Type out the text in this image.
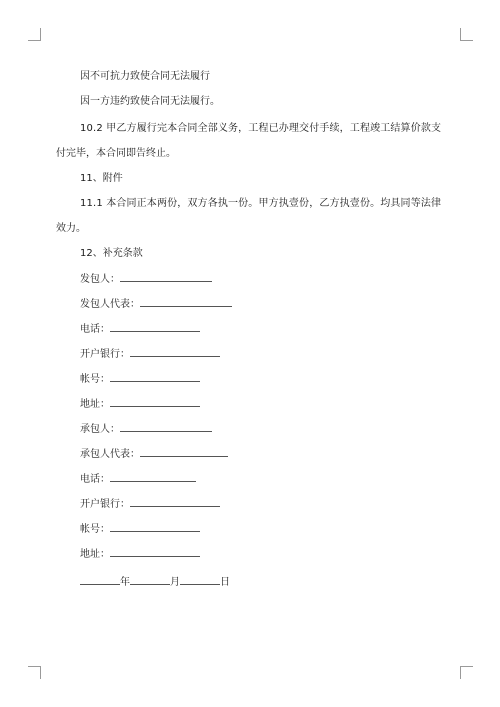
因不可抗力致使合同无法履行
因一方违约致使合同无法履行。
10.2 甲乙方履行完本合同全部义务，工程已办理交付手续，工程竣工结算价款支
付完毕，本合同即告终止。
11、附件
11.1 本合同正本两份，双方各执一份。甲方执壹份，乙方执壹份。均具同等法律
效力。
12、补充条款
发包人：
发包人代表：
电话：
开户银行：
帐号：
地址：
承包人：
承包人代表：
电话：
开户银行：
帐号：
地址：
年	月	日
